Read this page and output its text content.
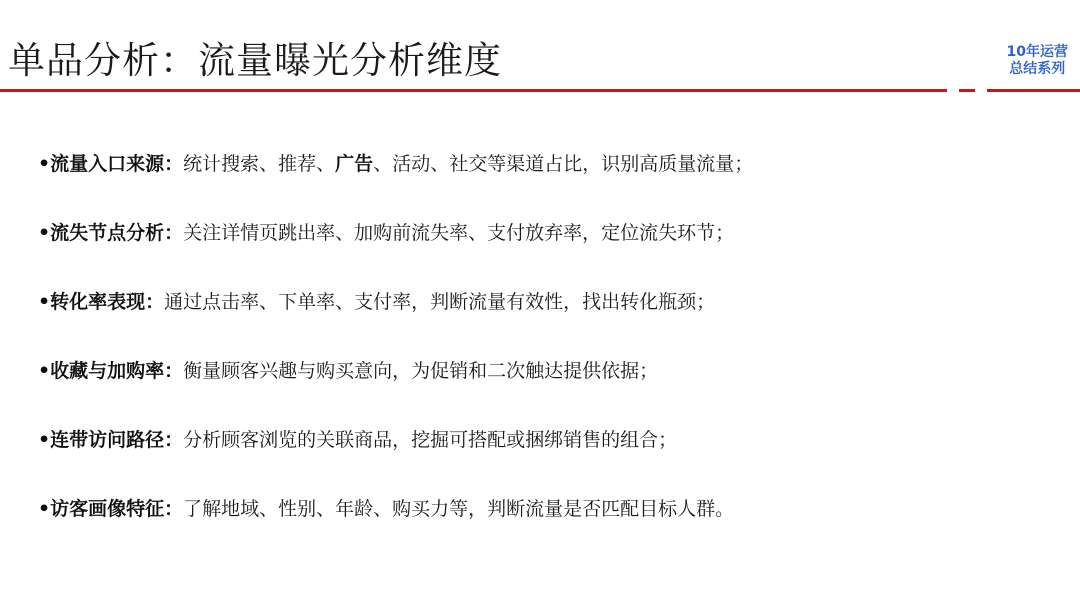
单品分析：流量曝光分析维度	10年运营
总结系列
•流量入口来源：统计搜索、推荐、广告、活动、社交等渠道占比，识别高质量流量；
•流失节点分析：关注详情页跳出率、加购前流失率、支付放弃率，定位流失环节；
•转化率表现：通过点击率、下单率、支付率，判断流量有效性，找出转化瓶颈；
•收藏与加购率：衡量顾客兴趣与购买意向，为促销和二次触达提供依据；
•连带访问路径：分析顾客浏览的关联商品，挖掘可搭配或捆绑销售的组合；
•访客画像特征：了解地域、性别、年龄、购买力等，判断流量是否匹配目标人群。
